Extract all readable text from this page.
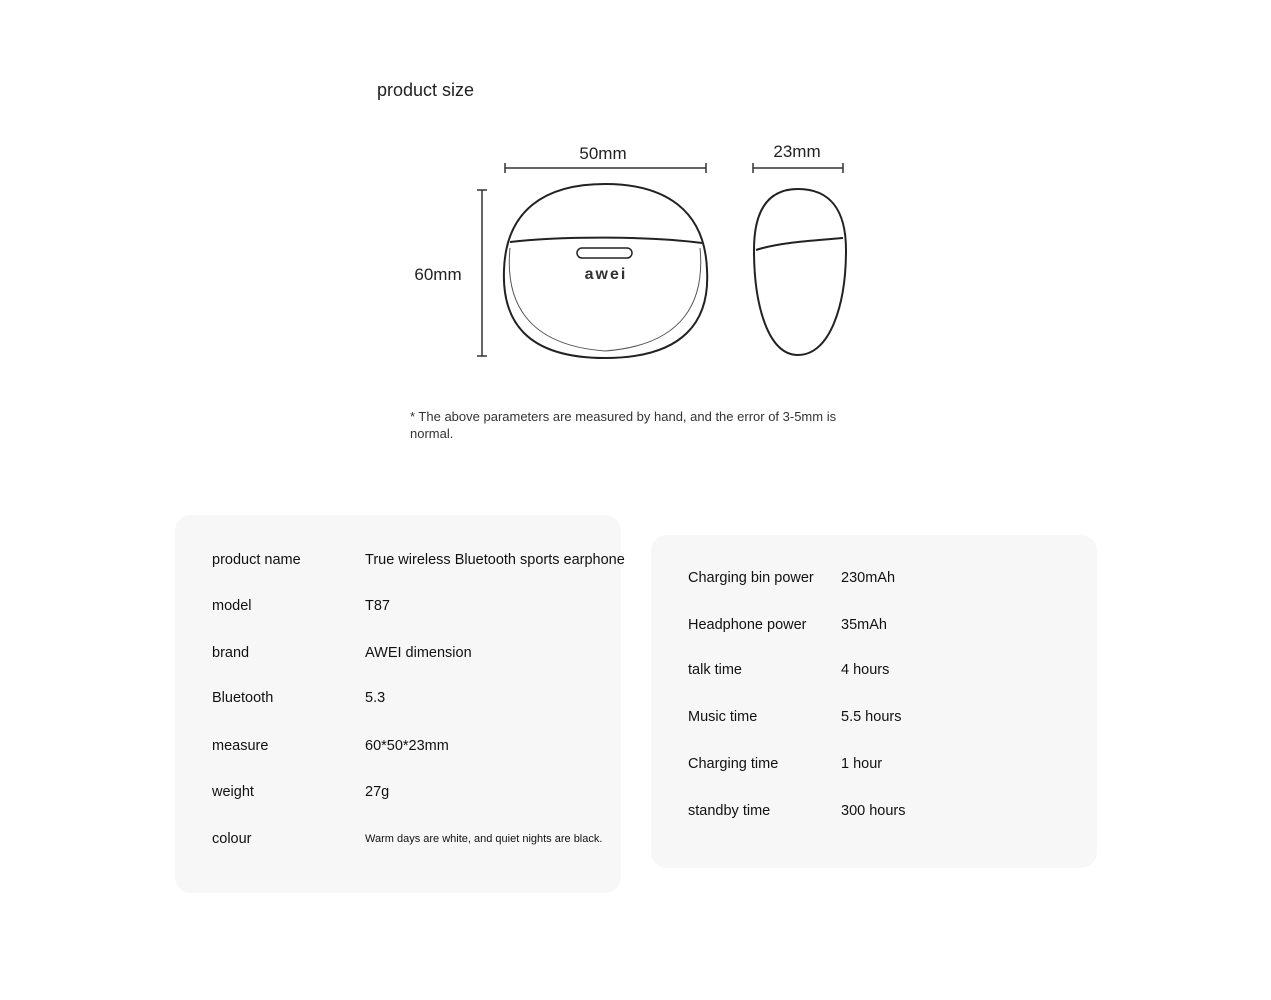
product size
50mm	23mm
60mm	awei
* The above parameters are measured by hand, and the error of 3-5mm is normal.
product name	True wireless Bluetooth sports earphone
model	T87
brand	AWEI dimension
Bluetooth	5.3
measure	60*50*23mm
weight	27g
colour	Warm days are white, and quiet nights are black.
Charging bin power 230mAh
Headphone power 35mAh
talk time	4 hours
Music time	5.5 hours
Charging time	1 hour
standby time	300 hours
